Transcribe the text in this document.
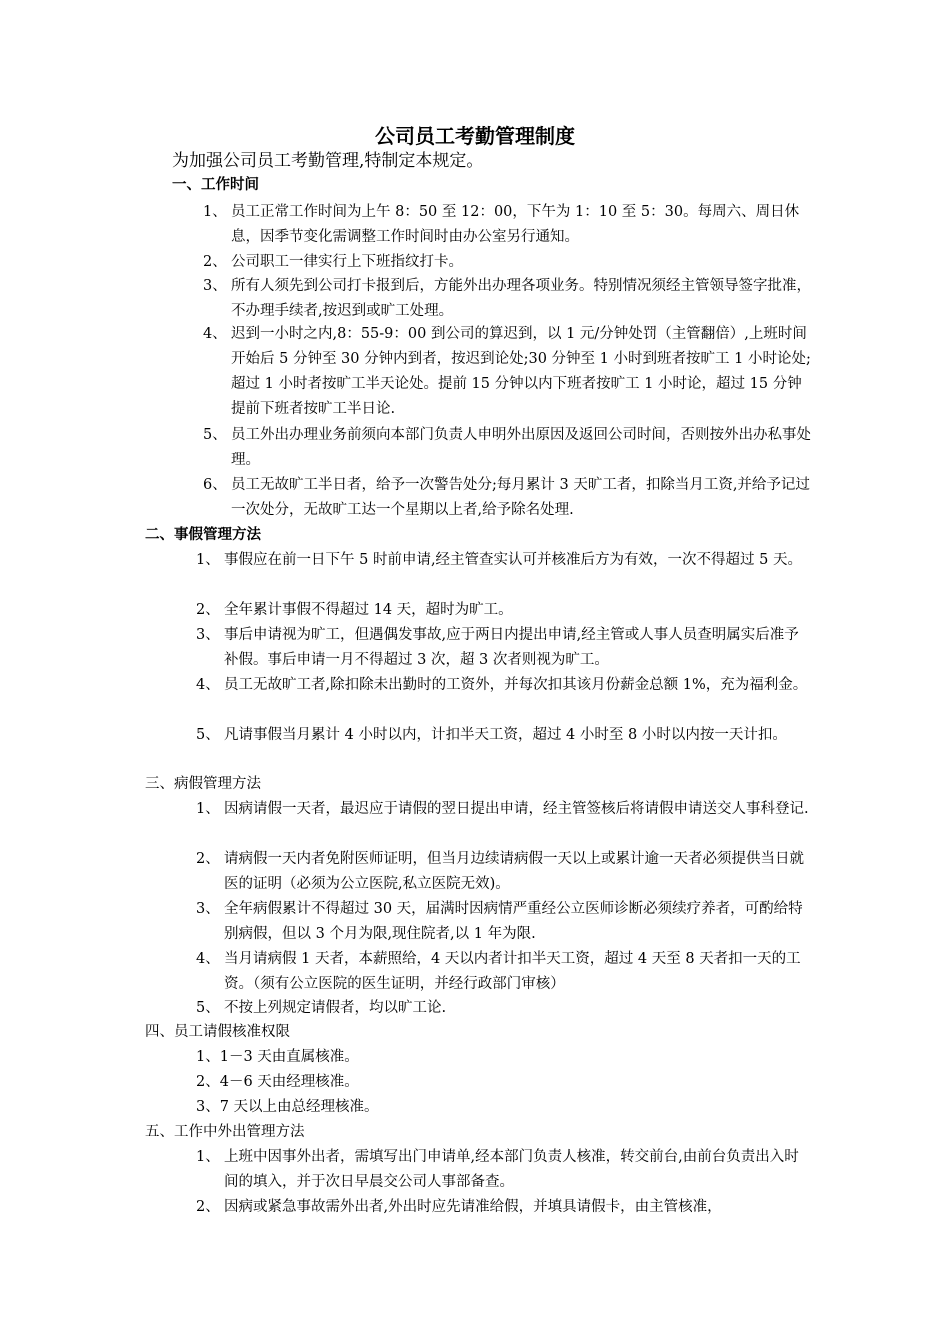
公司员工考勤管理制度
为加强公司员工考勤管理,特制定本规定。
一、工作时间
1、 员工正常工作时间为上午 8：50 至 12：00，下午为 1：10 至 5：30。每周六、周日休息，因季节变化需调整工作时间时由办公室另行通知。
2、 公司职工一律实行上下班指纹打卡。
3、 所有人须先到公司打卡报到后，方能外出办理各项业务。特别情况须经主管领导签字批准，不办理手续者,按迟到或旷工处理。
4、 迟到一小时之内,8：55-9：00 到公司的算迟到，以 1 元/分钟处罚（主管翻倍）,上班时间开始后 5 分钟至 30 分钟内到者，按迟到论处;30 分钟至 1 小时到班者按旷工 1 小时论处;超过 1 小时者按旷工半天论处。提前 15 分钟以内下班者按旷工 1 小时论，超过 15 分钟提前下班者按旷工半日论.
5、 员工外出办理业务前须向本部门负责人申明外出原因及返回公司时间，否则按外出办私事处理。
6、 员工无故旷工半日者，给予一次警告处分;每月累计 3 天旷工者，扣除当月工资,并给予记过一次处分，无故旷工达一个星期以上者,给予除名处理.
二、事假管理方法
1、 事假应在前一日下午 5 时前申请,经主管查实认可并核准后方为有效，一次不得超过 5 天。
2、 全年累计事假不得超过 14 天，超时为旷工。
3、 事后申请视为旷工，但遇偶发事故,应于两日内提出申请,经主管或人事人员查明属实后准予补假。事后申请一月不得超过 3 次，超 3 次者则视为旷工。
4、 员工无故旷工者,除扣除未出勤时的工资外，并每次扣其该月份薪金总额 1%，充为福利金。
5、 凡请事假当月累计 4 小时以内，计扣半天工资，超过 4 小时至 8 小时以内按一天计扣。
三、病假管理方法
1、 因病请假一天者，最迟应于请假的翌日提出申请，经主管签核后将请假申请送交人事科登记.
2、 请病假一天内者免附医师证明，但当月边续请病假一天以上或累计逾一天者必须提供当日就医的证明（必须为公立医院,私立医院无效)。
3、 全年病假累计不得超过 30 天，届满时因病情严重经公立医师诊断必须续疗养者，可酌给特别病假，但以 3 个月为限,现住院者,以 1 年为限.
4、 当月请病假 1 天者，本薪照给，4 天以内者计扣半天工资，超过 4 天至 8 天者扣一天的工资。（须有公立医院的医生证明，并经行政部门审核）
5、 不按上列规定请假者，均以旷工论.
四、员工请假核准权限
1、1－3 天由直属核准。
2、4－6 天由经理核准。
3、7 天以上由总经理核准。
五、工作中外出管理方法
1、 上班中因事外出者，需填写出门申请单,经本部门负责人核准，转交前台,由前台负责出入时间的填入，并于次日早晨交公司人事部备查。
2、 因病或紧急事故需外出者,外出时应先请准给假，并填具请假卡，由主管核准，
